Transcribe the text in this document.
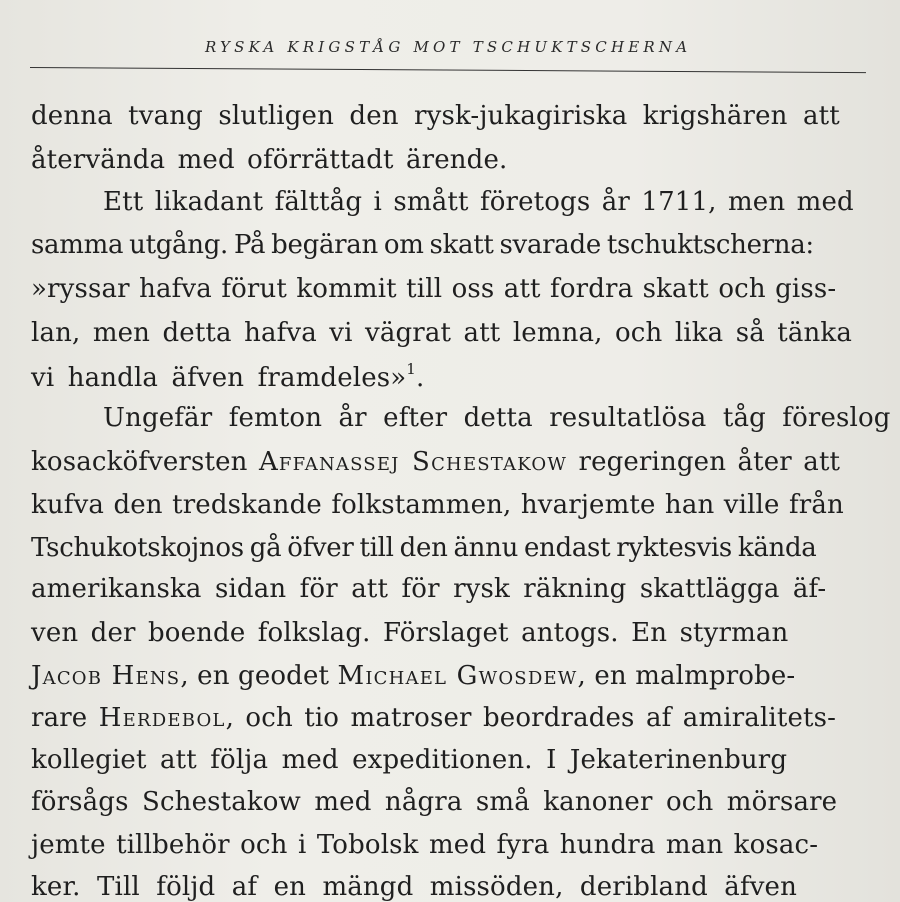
RYSKA KRIGSTÅG MOT TSCHUKTSCHERNA
denna tvang slutligen den rysk-jukagiriska krigshären att
återvända med oförrättadt ärende.
Ett likadant fälttåg i smått företogs år 1711, men med
samma utgång. På begäran om skatt svarade tschuktscherna:
»ryssar hafva förut kommit till oss att fordra skatt och giss-
lan, men detta hafva vi vägrat att lemna, och lika så tänka
vi handla äfven framdeles»$^1$.
Ungefär femton år efter detta resultatlösa tåg föreslog
kosacköfversten Affanassej Schestakow regeringen åter att
kufva den tredskande folkstammen, hvarjemte han ville från
Tschukotskojnos gå öfver till den ännu endast ryktesvis kända
amerikanska sidan för att för rysk räkning skattlägga äf-
ven der boende folkslag. Förslaget antogs. En styrman
Jacob Hens, en geodet Michael Gwosdew, en malmprobe-
rare Herdebol, och tio matroser beordrades af amiralitets-
kollegiet att följa med expeditionen. I Jekaterinenburg
försågs Schestakow med några små kanoner och mörsare
jemte tillbehör och i Tobolsk med fyra hundra man kosac-
ker. Till följd af en mängd missöden, deribland äfven
